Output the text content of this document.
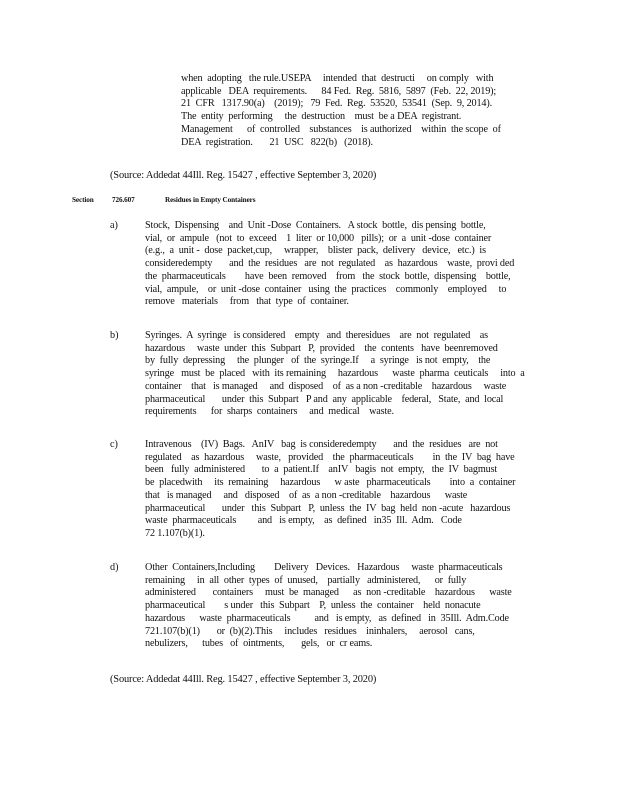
when  adopting   the rule.USEPA     intended  that  destructi     on comply   with
applicable   DEA  requirements.      84 Fed.  Reg.  5816,  5897  (Feb.  22, 2019);
21  CFR   1317.90(a)    (2019);   79  Fed.  Reg.  53520,  53541  (Sep.  9, 2014).
The  entity  performing     the  destruction    must  be a DEA  registrant.
Management      of  controlled    substances    is authorized    within  the scope  of
DEA  registration.       21  USC   822(b)   (2018).
(Source: Addedat 44Ill. Reg. 15427 , effective September 3, 2020)
Section	726.607	Residues in Empty Containers
a)	Stock,  Dispensing    and  Unit -Dose  Containers.   A stock  bottle,  dis pensing  bottle,
vial,  or  ampule   (not  to  exceed    1  liter  or 10,000   pills);  or  a  unit -dose  container
(e.g.,  a  unit -  dose  packet,cup,     wrapper,    blister  pack,  delivery   device,   etc.)  is
consideredempty       and  the  residues   are  not  regulated    as  hazardous    waste,  provi ded
the  pharmaceuticals        have  been  removed    from   the  stock  bottle,  dispensing    bottle,
vial,  ampule,    or  unit -dose  container   using  the  practices    commonly    employed     to
remove   materials     from   that  type  of  container.
b)	Syringes.  A  syringe   is considered    empty   and  theresidues    are  not  regulated    as
hazardous     waste  under  this  Subpart   P,  provided    the  contents   have  beenremoved
by  fully  depressing     the  plunger   of  the  syringe.If     a  syringe   is not  empty,    the
syringe   must  be  placed   with  its remaining     hazardous      waste  pharma  ceuticals     into  a
container    that   is managed     and  disposed    of  as a non -creditable    hazardous     waste
pharmaceutical       under  this  Subpart   P and  any  applicable    federal,   State,  and  local
requirements      for  sharps  containers     and  medical    waste.
c)	Intravenous    (IV)  Bags.   AnIV   bag  is consideredempty       and  the  residues   are  not
regulated    as  hazardous     waste,   provided    the  pharmaceuticals        in  the  IV  bag  have
been   fully  administered       to  a  patient.If    anIV   bagis  not  empty,   the  IV  bagmust
be  placedwith     its  remaining     hazardous      w aste   pharmaceuticals        into  a  container
that   is managed     and   disposed    of  as  a non -creditable    hazardous      waste
pharmaceutical       under   this  Subpart   P,  unless  the  IV  bag  held  non -acute   hazardous
waste  pharmaceuticals         and   is empty,    as  defined   in35  Ill.  Adm.   Code
72 1.107(b)(1).
d)	Other  Containers,Including        Delivery   Devices.   Hazardous     waste  pharmaceuticals
remaining     in  all  other  types  of  unused,    partially   administered,      or  fully
administered       containers     must  be  managed      as  non -creditable    hazardous      waste
pharmaceutical        s under   this  Subpart    P,  unless  the  container    held  nonacute
hazardous      waste  pharmaceuticals          and   is empty,   as  defined   in  35Ill.  Adm.Code
721.107(b)(1)       or  (b)(2).This     includes   residues    ininhalers,     aerosol   cans,
nebulizers,      tubes   of  ointments,       gels,   or  cr eams.
(Source: Addedat 44Ill. Reg. 15427 , effective September 3, 2020)
